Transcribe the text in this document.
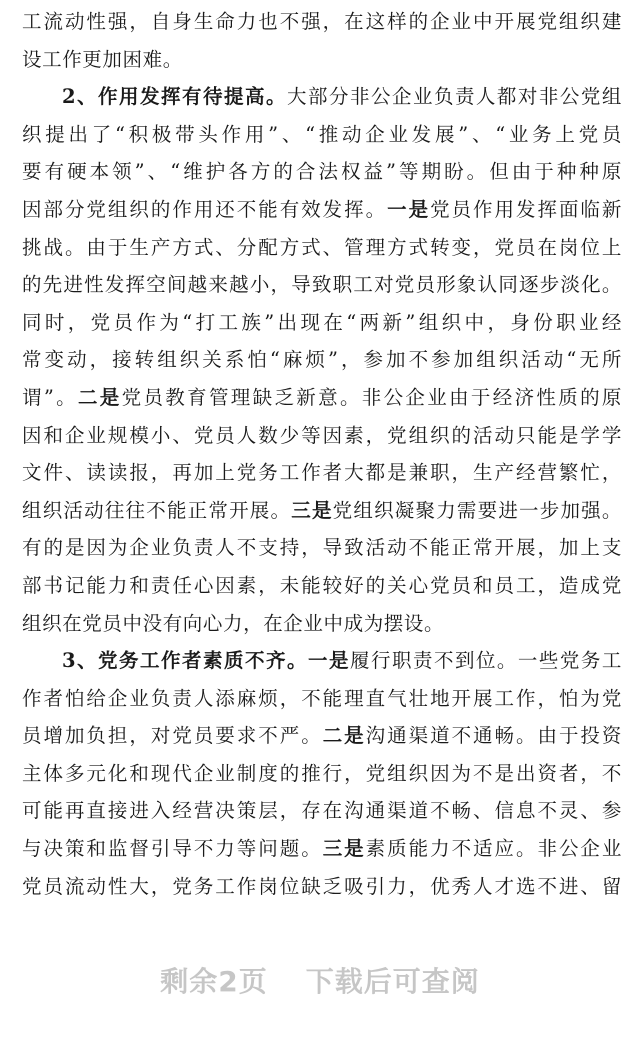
工流动性强，自身生命力也不强，在这样的企业中开展党组织建
设工作更加困难。
2、作用发挥有待提高。大部分非公企业负责人都对非公党组
织提出了“积极带头作用”、“推动企业发展”、“业务上党员
要有硬本领”、“维护各方的合法权益”等期盼。但由于种种原
因部分党组织的作用还不能有效发挥。一是党员作用发挥面临新
挑战。由于生产方式、分配方式、管理方式转变，党员在岗位上
的先进性发挥空间越来越小，导致职工对党员形象认同逐步淡化。
同时，党员作为“打工族”出现在“两新”组织中，身份职业经
常变动，接转组织关系怕“麻烦”，参加不参加组织活动“无所
谓”。二是党员教育管理缺乏新意。非公企业由于经济性质的原
因和企业规模小、党员人数少等因素，党组织的活动只能是学学
文件、读读报，再加上党务工作者大都是兼职，生产经营繁忙，
组织活动往往不能正常开展。三是党组织凝聚力需要进一步加强。
有的是因为企业负责人不支持，导致活动不能正常开展，加上支
部书记能力和责任心因素，未能较好的关心党员和员工，造成党
组织在党员中没有向心力，在企业中成为摆设。
3、党务工作者素质不齐。一是履行职责不到位。一些党务工
作者怕给企业负责人添麻烦，不能理直气壮地开展工作，怕为党
员增加负担，对党员要求不严。二是沟通渠道不通畅。由于投资
主体多元化和现代企业制度的推行，党组织因为不是出资者，不
可能再直接进入经营决策层，存在沟通渠道不畅、信息不灵、参
与决策和监督引导不力等问题。三是素质能力不适应。非公企业
党员流动性大，党务工作岗位缺乏吸引力，优秀人才选不进、留
剩余2页 下载后可查阅
